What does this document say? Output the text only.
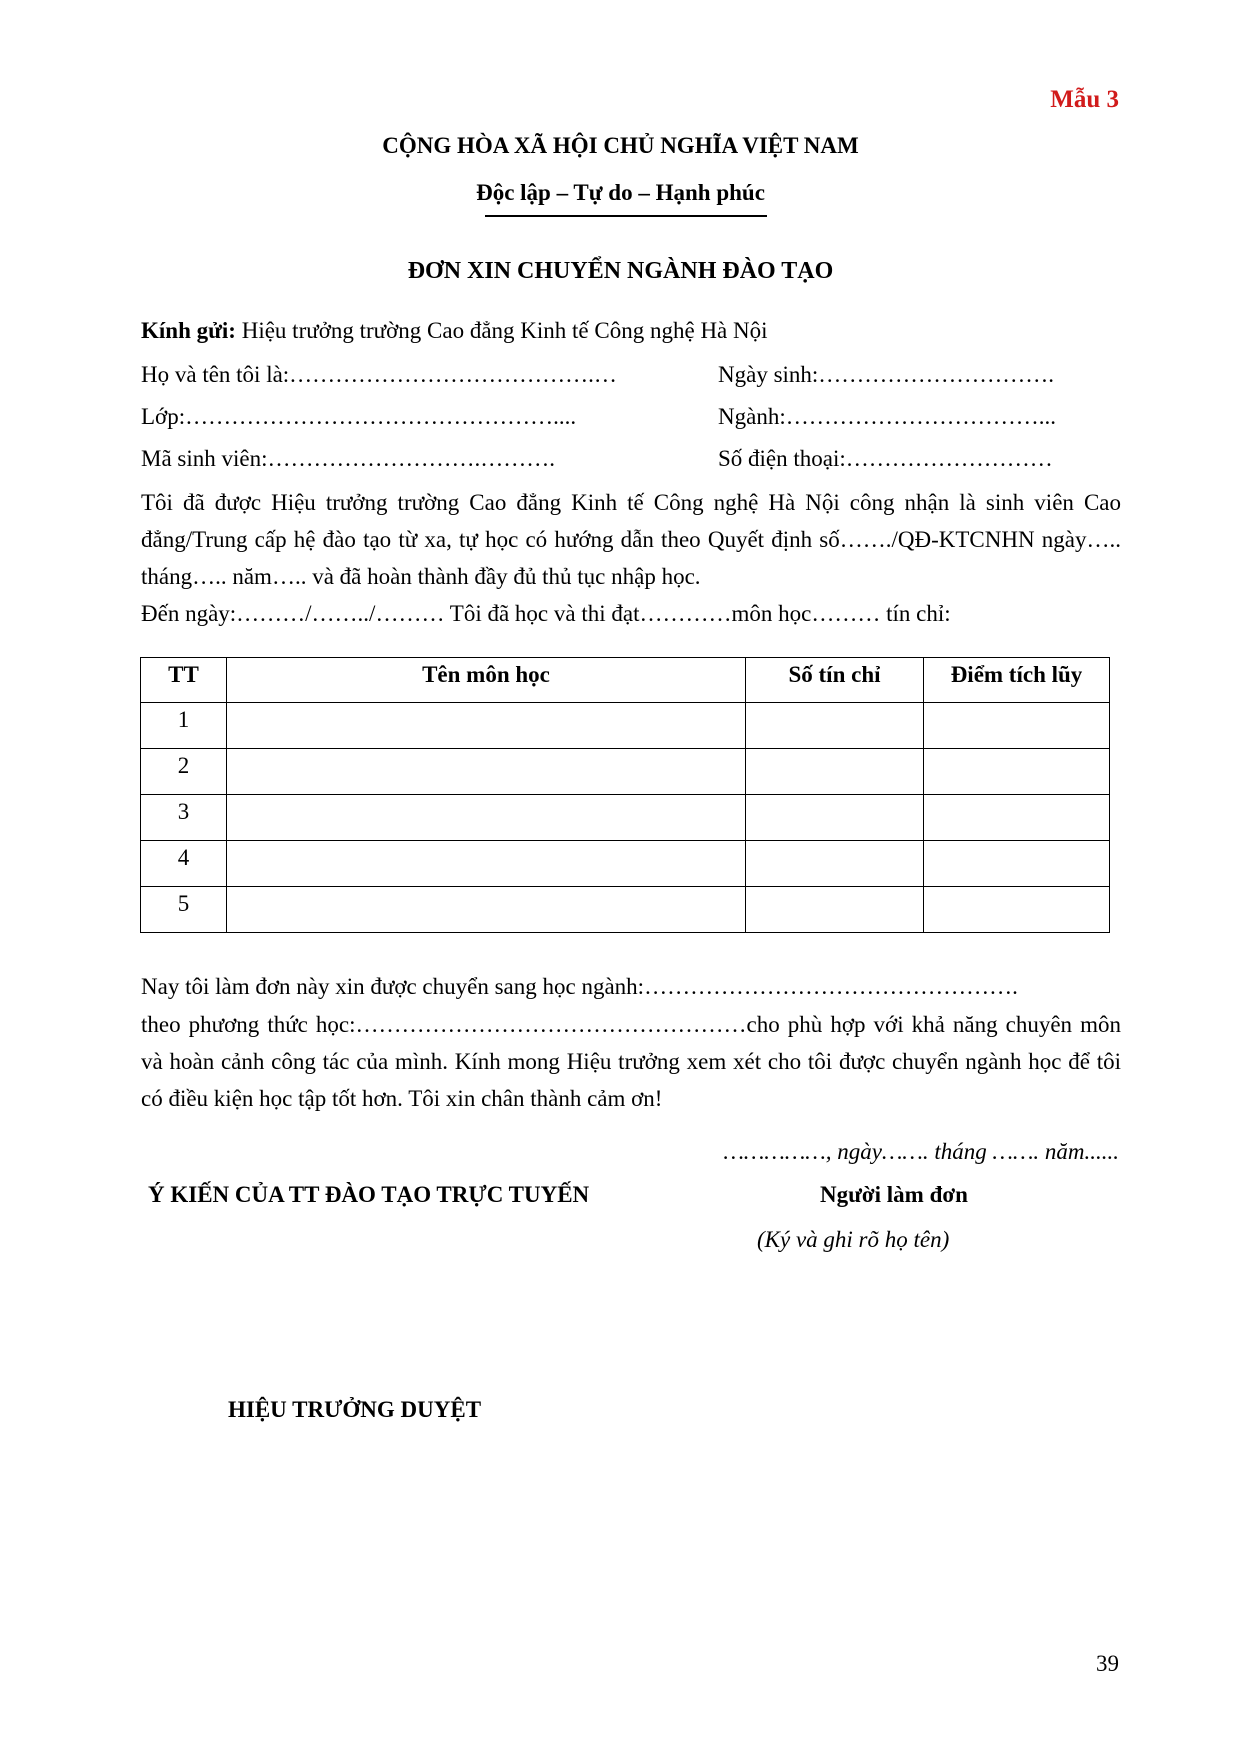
Mẫu 3
CỘNG HÒA XÃ HỘI CHỦ NGHĨA VIỆT NAM
Độc lập – Tự do – Hạnh phúc
ĐƠN XIN CHUYỂN NGÀNH ĐÀO TẠO
Kính gửi: Hiệu trưởng trường Cao đẳng Kinh tế Công nghệ Hà Nội
Họ và tên tôi là:………………………………….…	Ngày sinh:………………………….
Lớp:…………………………………………....	Ngành:……………………………...
Mã sinh viên:……………………….……….	Số điện thoại:………………………
Tôi đã được Hiệu trưởng trường Cao đẳng Kinh tế Công nghệ Hà Nội công nhận là sinh viên Cao đẳng/Trung cấp hệ đào tạo từ xa, tự học có hướng dẫn theo Quyết định số……./QĐ-KTCNHN ngày….. tháng….. năm….. và đã hoàn thành đầy đủ thủ tục nhập học.
Đến ngày:………/……../……… Tôi đã học và thi đạt…………môn học……… tín chỉ:
TT	Tên môn học	Số tín chỉ	Điểm tích lũy
1			
2			
3			
4			
5			
Nay tôi làm đơn này xin được chuyển sang học ngành:………………………………………….
theo phương thức học:……………………………………………cho phù hợp với khả năng chuyên môn và hoàn cảnh công tác của mình. Kính mong Hiệu trưởng xem xét cho tôi được chuyển ngành học để tôi có điều kiện học tập tốt hơn. Tôi xin chân thành cảm ơn!
……………, ngày……. tháng ……. năm......
Ý KIẾN CỦA TT ĐÀO TẠO TRỰC TUYẾN	Người làm đơn
(Ký và ghi rõ họ tên)
HIỆU TRƯỞNG DUYỆT
39
